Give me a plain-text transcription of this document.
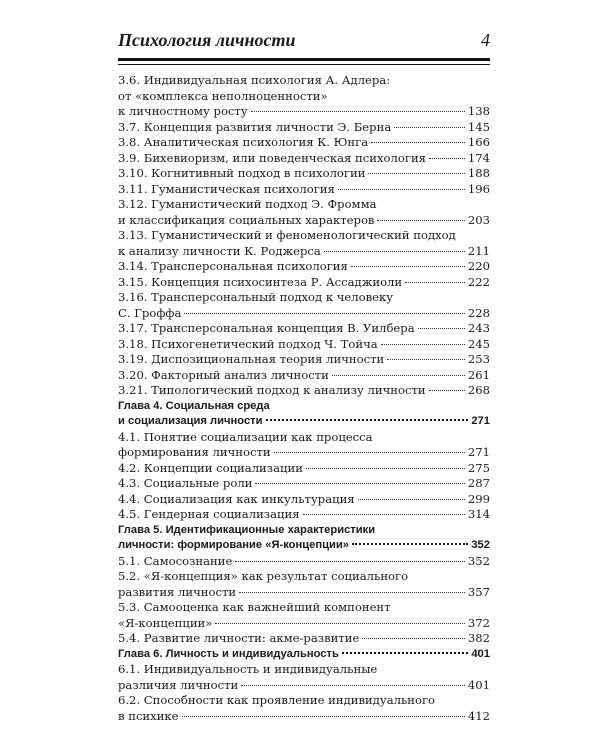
Психология личности	4
3.6. Индивидуальная психология А. Адлера:
от «комплекса неполноценности»
к личностному росту	138
3.7. Концепция развития личности Э. Берна	145
3.8. Аналитическая психология К. Юнга	166
3.9. Бихевиоризм, или поведенческая психология	174
3.10. Когнитивный подход в психологии	188
3.11. Гуманистическая психология	196
3.12. Гуманистический подход Э. Фромма
и классификация социальных характеров	203
3.13. Гуманистический и феноменологический подход
к анализу личности К. Роджерса	211
3.14. Трансперсональная психология	220
3.15. Концепция психосинтеза Р. Ассаджиоли	222
3.16. Трансперсональный подход к человеку
С. Гроффа	228
3.17. Трансперсональная концепция В. Уилбера	243
3.18. Психогенетический подход Ч. Тойча	245
3.19. Диспозициональная теория личности	253
3.20. Факторный анализ личности	261
3.21. Типологический подход к анализу личности	268
Глава 4. Социальная среда
и социализация личности	271
4.1. Понятие социализации как процесса
формирования личности	271
4.2. Концепции социализации	275
4.3. Социальные роли	287
4.4. Социализация как инкультурация	299
4.5. Гендерная социализация	314
Глава 5. Идентификационные характеристики
личности: формирование «Я-концепции»	352
5.1. Самосознание	352
5.2. «Я-концепция» как результат социального
развития личности	357
5.3. Самооценка как важнейший компонент
«Я-концепции»	372
5.4. Развитие личности: акме-развитие	382
Глава 6. Личность и индивидуальность	401
6.1. Индивидуальность и индивидуальные
различия личности	401
6.2. Способности как проявление индивидуального
в психике	412
